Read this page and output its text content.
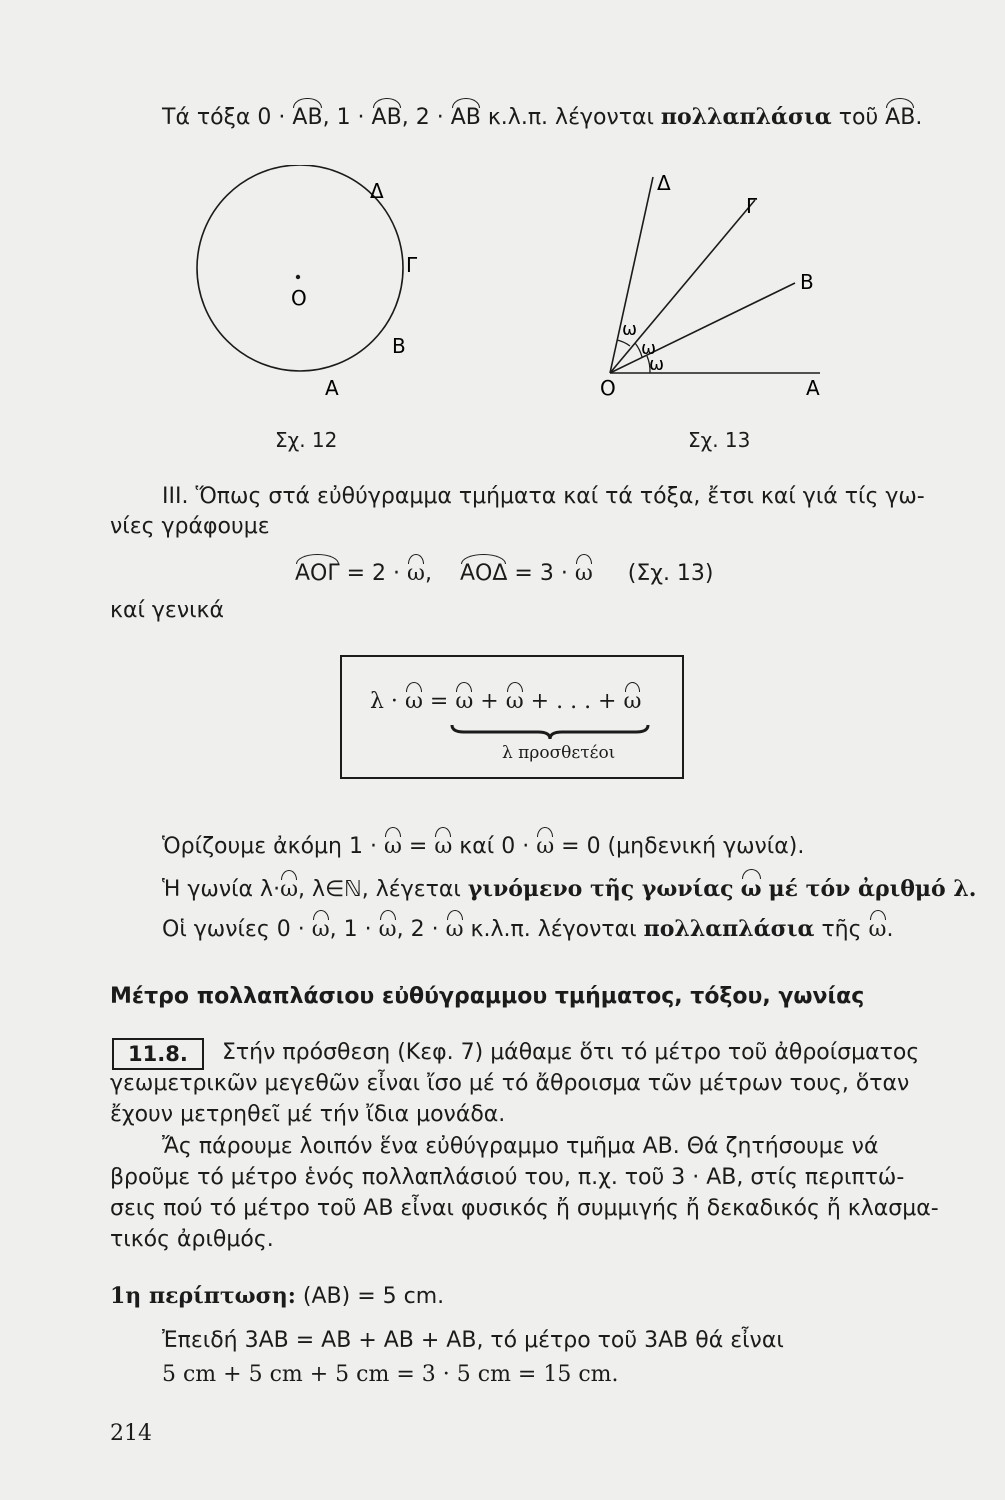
Τά τόξα 0 · AB, 1 · AB, 2 · AB κ.λ.π. λέγονται πολλαπλάσια τοῦ AB.
Ο
Δ
Γ
Β
Α
Σχ. 12
Δ
Γ
Β
Α
Ο
ω
ω
ω
Σχ. 13
III. Ὅπως στά εὐθύγραμμα τμήματα καί τά τόξα, ἔτσι καί γιά τίς γω-
νίες γράφουμε
ΑΟΓ = 2 · ω, ΑΟΔ = 3 · ω (Σχ. 13)
καί γενικά
λ · ω = ω + ω + . . . + ω
λ προσθετέοι
Ὁρίζουμε ἀκόμη 1 · ω = ω καί 0 · ω = 0 (μηδενική γωνία).
Ἡ γωνία λ·ω, λ∈ℕ, λέγεται γινόμενο τῆς γωνίας ω μέ τόν ἀριθμό λ.
Οἱ γωνίες 0 · ω, 1 · ω, 2 · ω κ.λ.π. λέγονται πολλαπλάσια τῆς ω.
Μέτρο πολλαπλάσιου εὐθύγραμμου τμήματος, τόξου, γωνίας
11.8.	Στήν πρόσθεση (Κεφ. 7) μάθαμε ὅτι τό μέτρο τοῦ ἀθροίσματος
γεωμετρικῶν μεγεθῶν εἶναι ἴσο μέ τό ἄθροισμα τῶν μέτρων τους, ὅταν
ἔχουν μετρηθεῖ μέ τήν ἴδια μονάδα.
Ἄς πάρουμε λοιπόν ἕνα εὐθύγραμμο τμῆμα ΑΒ. Θά ζητήσουμε νά
βροῦμε τό μέτρο ἑνός πολλαπλάσιού του, π.χ. τοῦ 3 · ΑΒ, στίς περιπτώ-
σεις πού τό μέτρο τοῦ ΑΒ εἶναι φυσικός ἤ συμμιγής ἤ δεκαδικός ἤ κλασμα-
τικός ἀριθμός.
1η περίπτωση: (ΑΒ) = 5 cm.
Ἐπειδή 3ΑΒ = ΑΒ + ΑΒ + ΑΒ, τό μέτρο τοῦ 3ΑΒ θά εἶναι
5 cm + 5 cm + 5 cm = 3 · 5 cm = 15 cm.
214
